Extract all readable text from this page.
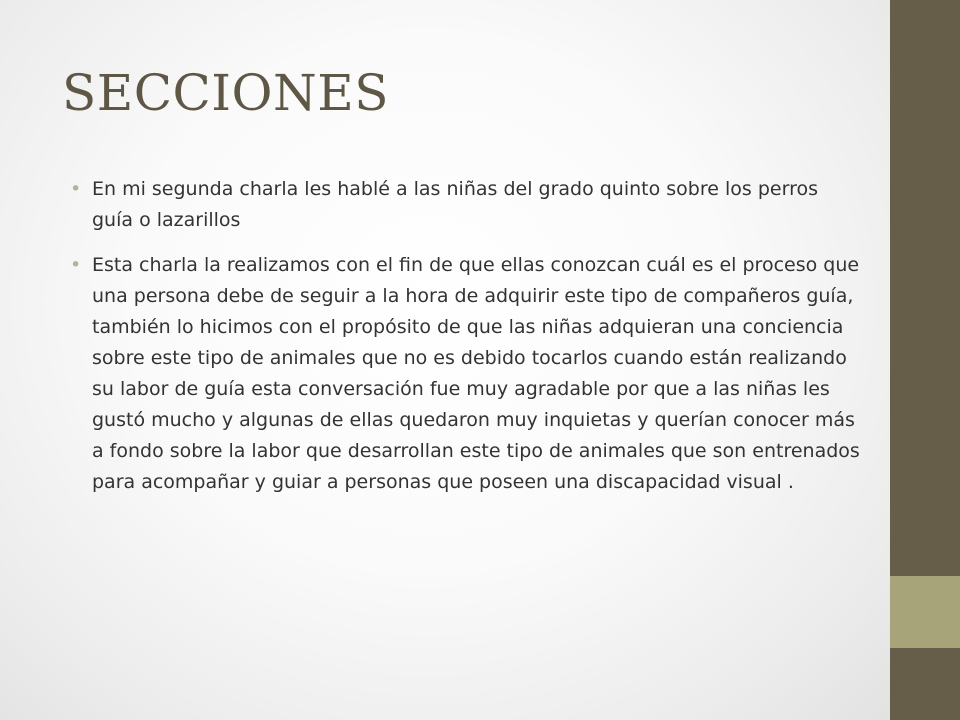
SECCIONES
• En mi segunda charla les hablé a las niñas del grado quinto sobre los perros guía o lazarillos
• Esta charla la realizamos con el fin de que ellas conozcan cuál es el proceso que una persona debe de seguir a la hora de adquirir este tipo de compañeros guía, también lo hicimos con el propósito de que las niñas adquieran una conciencia sobre este tipo de animales que no es debido tocarlos cuando están realizando su labor de guía esta conversación fue muy agradable por que a las niñas les gustó mucho y algunas de ellas quedaron muy inquietas y querían conocer más a fondo sobre la labor que desarrollan este tipo de animales que son entrenados para acompañar y guiar a personas que poseen una discapacidad visual .
